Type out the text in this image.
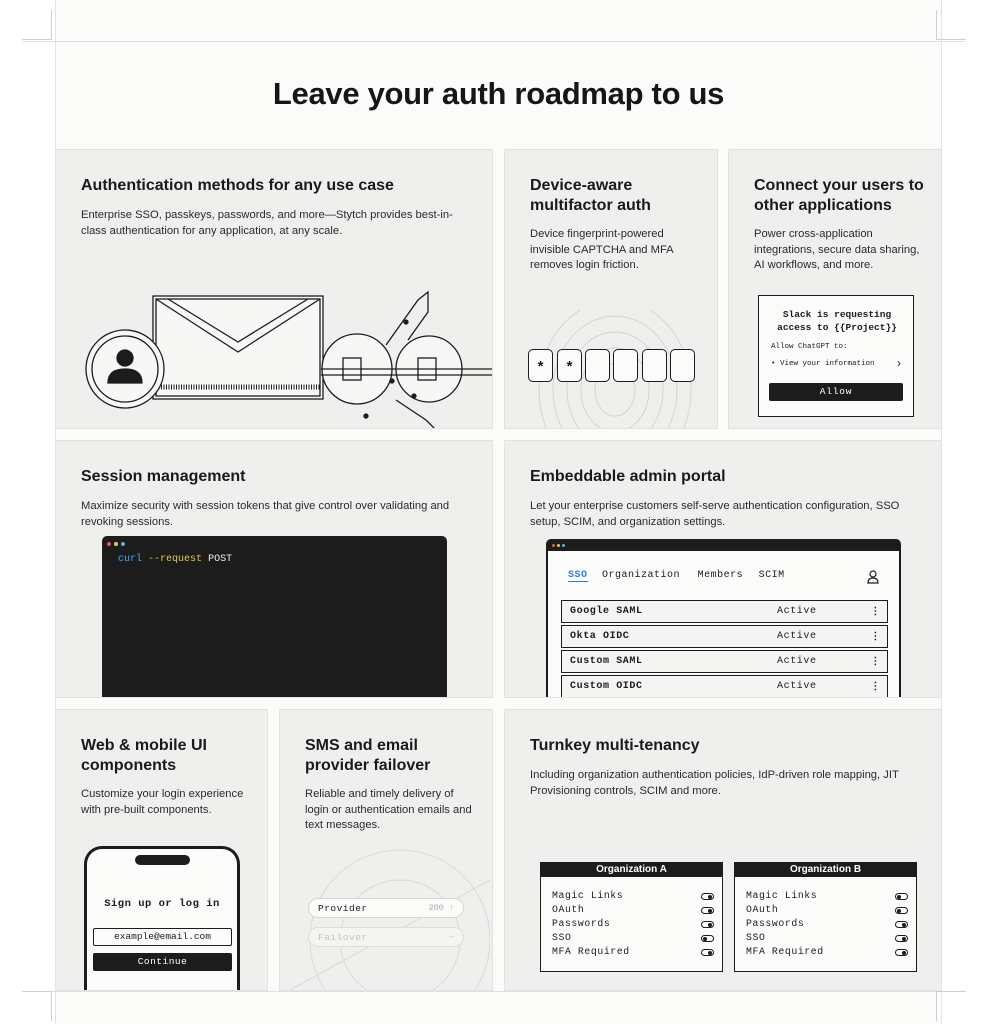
Leave your auth roadmap to us
Authentication methods for any use case

Enterprise SSO, passkeys, passwords, and more—Stytch provides best-in-class authentication for any application, at any scale.

Device-aware multifactor auth

Device fingerprint-powered invisible CAPTCHA and MFA removes login friction.

*	*
Connect your users to other applications

Power cross-application integrations, secure data sharing, AI workflows, and more.

Slack is requesting access to {{Project}}
Allow ChatGPT to:
• View your information ›
Allow
Session management

Maximize security with session tokens that give control over validating and revoking sessions.

curl --request POST
Embeddable admin portal

Let your enterprise customers self-serve authentication configuration, SSO setup, SCIM, and organization settings.

SSO Organization Members SCIM
Google SAML	Active	⋮
Okta OIDC	Active	⋮
Custom SAML	Active	⋮
Custom OIDC	Active	⋮
Web & mobile UI components

Customize your login experience with pre-built components.

Sign up or log in
example@email.com
Continue
SMS and email provider failover

Reliable and timely delivery of login or authentication emails and text messages.

Provider	200 ↑
Failover	—
Turnkey multi-tenancy

Including organization authentication policies, IdP-driven role mapping, JIT Provisioning controls, SCIM and more.

Organization A
Magic Links
OAuth
Passwords
SSO
MFA Required
Organization B
Magic Links
OAuth
Passwords
SSO
MFA Required
